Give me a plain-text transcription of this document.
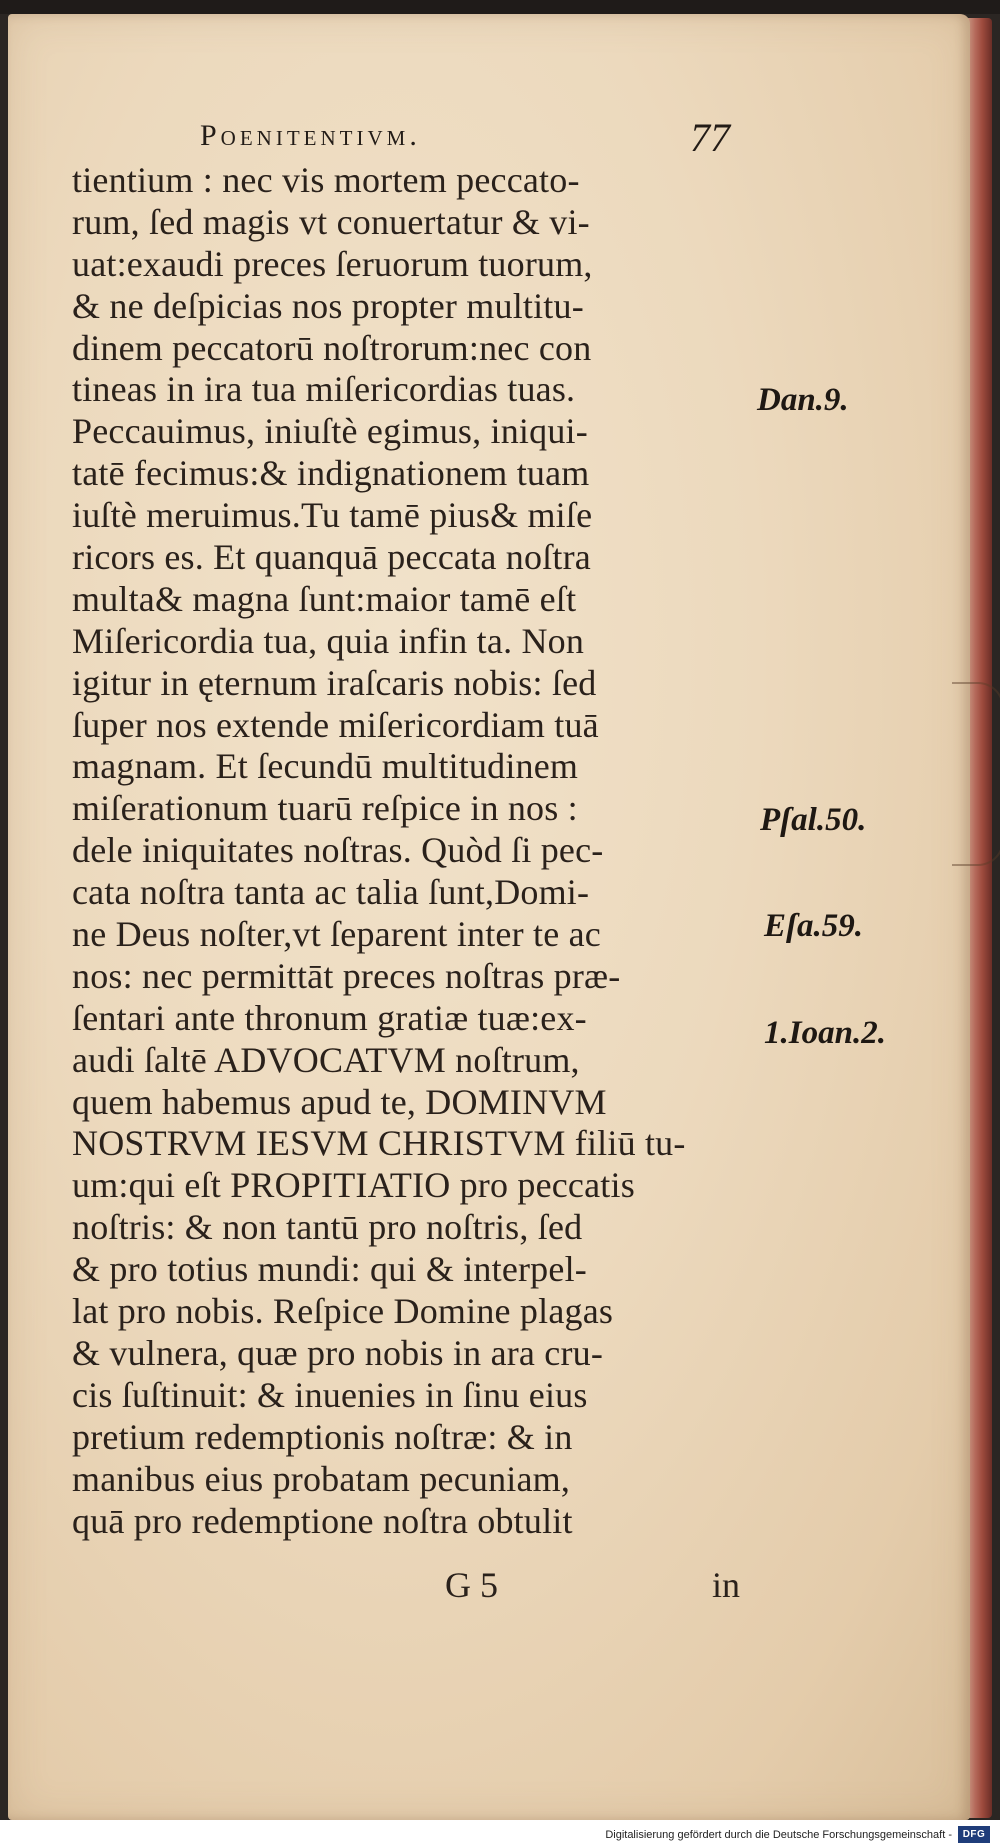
Poenitentivm.	77
tientium : nec vis mortem peccato-
rum, ſed magis vt conuertatur & vi-
uat:exaudi preces ſeruorum tuorum,
& ne deſpicias nos propter multitu-
dinem peccatorū noſtrorum:nec con
tineas in ira tua miſericordias tuas.
Peccauimus, iniuſtè egimus, iniqui-
tatē fecimus:& indignationem tuam
iuſtè meruimus.Tu tamē pius& miſe
ricors es. Et quanquā peccata noſtra
multa& magna ſunt:maior tamē eſt
Miſericordia tua, quia infin ta. Non
igitur in ęternum iraſcaris nobis: ſed
ſuper nos extende miſericordiam tuā
magnam. Et ſecundū multitudinem
miſerationum tuarū reſpice in nos :
dele iniquitates noſtras. Quòd ſi pec-
cata noſtra tanta ac talia ſunt,Domi-
ne Deus noſter,vt ſeparent inter te ac
nos: nec permittāt preces noſtras præ-
ſentari ante thronum gratiæ tuæ:ex-
audi ſaltē ADVOCATVM noſtrum,
quem habemus apud te, DOMINVM
NOSTRVM IESVM CHRISTVM filiū tu-
um:qui eſt PROPITIATIO pro peccatis
noſtris: & non tantū pro noſtris, ſed
& pro totius mundi: qui & interpel-
lat pro nobis. Reſpice Domine plagas
& vulnera, quæ pro nobis in ara cru-
cis ſuſtinuit: & inuenies in ſinu eius
pretium redemptionis noſtræ: & in
manibus eius probatam pecuniam,
quā pro redemptione noſtra obtulit
G 5	in
Dan.9.
Pſal.50.
Eſa.59.
1.Ioan.2.
Digitalisierung gefördert durch die Deutsche Forschungsgemeinschaft -	DFG
